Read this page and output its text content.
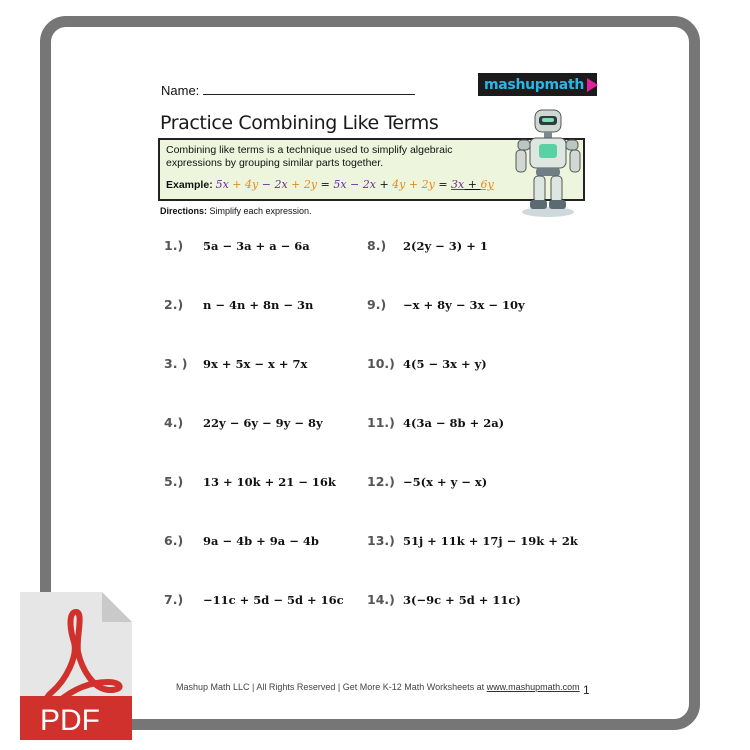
Name:	mashupmath
Practice Combining Like Terms
Combining like terms is a technique used to simplify algebraic expressions by grouping similar parts together.
Example: 5x + 4y − 2x + 2y = 5x − 2x + 4y + 2y = 3x + 6y
Directions: Simplify each expression.
1.) 5a − 3a + a − 6a
2.) n − 4n + 8n − 3n
3. ) 9x + 5x − x + 7x
4.) 22y − 6y − 9y − 8y
5.) 13 + 10k + 21 − 16k
6.) 9a − 4b + 9a − 4b
7.) −11c + 5d − 5d + 16c
8.) 2(2y − 3) + 1
9.) −x + 8y − 3x − 10y
10.) 4(5 − 3x + y)
11.) 4(3a − 8b + 2a)
12.) −5(x + y − x)
13.) 51j + 11k + 17j − 19k + 2k
14.) 3(−9c + 5d + 11c)
Mashup Math LLC | All Rights Reserved | Get More K-12 Math Worksheets at www.mashupmath.com 1
PDF
